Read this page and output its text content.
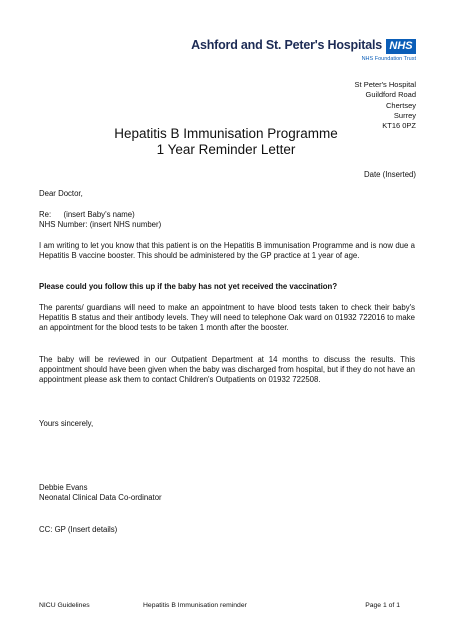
Ashford and St. Peter's Hospitals NHS
NHS Foundation Trust
St Peter's Hospital
Guildford Road
Chertsey
Surrey
KT16 0PZ
Hepatitis B Immunisation Programme
1 Year Reminder Letter
Date (Inserted)
Dear Doctor,
Re: (insert Baby's name)
NHS Number: (insert NHS number)
I am writing to let you know that this patient is on the Hepatitis B immunisation Programme and is now due a Hepatitis B vaccine booster. This should be administered by the GP practice at 1 year of age.
Please could you follow this up if the baby has not yet received the vaccination?
The parents/ guardians will need to make an appointment to have blood tests taken to check their baby's Hepatitis B status and their antibody levels. They will need to telephone Oak ward on 01932 722016 to make an appointment for the blood tests to be taken 1 month after the booster.
The baby will be reviewed in our Outpatient Department at 14 months to discuss the results. This appointment should have been given when the baby was discharged from hospital, but if they do not have an appointment please ask them to contact Children's Outpatients on 01932 722508.
Yours sincerely,
Debbie Evans
Neonatal Clinical Data Co-ordinator
CC: GP (Insert details)
NICU Guidelines	Hepatitis B Immunisation reminder	Page 1 of 1
